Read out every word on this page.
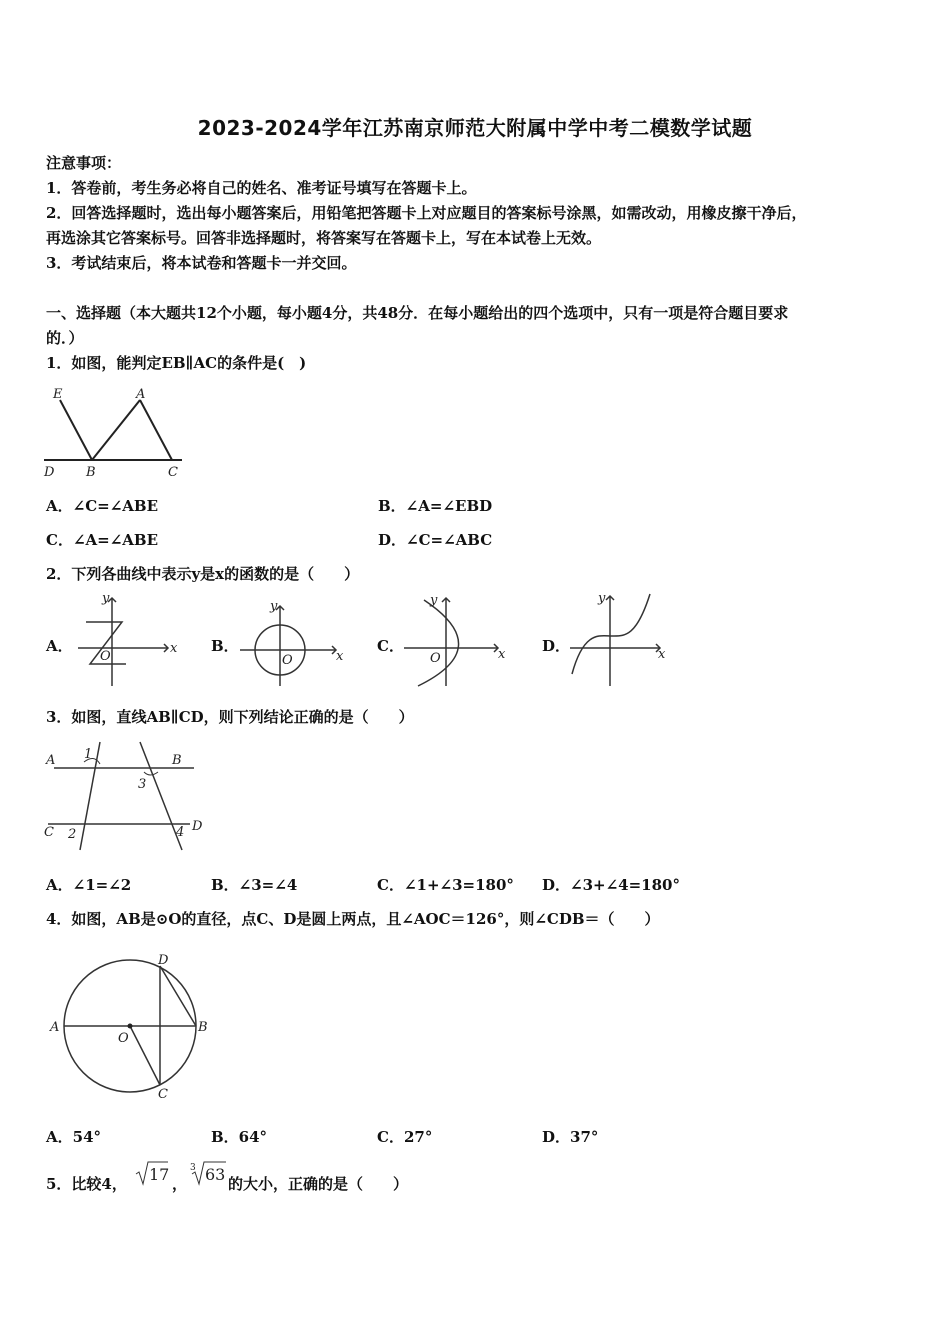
2023-2024学年江苏南京师范大附属中学中考二模数学试题
注意事项：
1．答卷前，考生务必将自己的姓名、准考证号填写在答题卡上。
2．回答选择题时，选出每小题答案后，用铅笔把答题卡上对应题目的答案标号涂黑，如需改动，用橡皮擦干净后，
再选涂其它答案标号。回答非选择题时，将答案写在答题卡上，写在本试卷上无效。
3．考试结束后，将本试卷和答题卡一并交回。
一、选择题（本大题共12个小题，每小题4分，共48分．在每小题给出的四个选项中，只有一项是符合题目要求
的．）
1．如图，能判定EB∥AC的条件是(　)
E	A
D B	C
A．∠C=∠ABE	B．∠A=∠EBD
C．∠A=∠ABE	D．∠C=∠ABC
2．下列各曲线中表示y是x的函数的是（　　）
A．
y
x
O
B．
y
x
O
C．
y
x
O
D．
y
x
3．如图，直线AB∥CD，则下列结论正确的是（　　）
A	B
C	D
1
2
3
4
A．∠1=∠2	B．∠3=∠4	C．∠1+∠3=180° D．∠3+∠4=180°
4．如图，AB是⊙O的直径，点C、D是圆上两点，且∠AOC＝126°，则∠CDB＝（　　）
A	B
C
D
O
A．54°	B．64°	C．27°	D．37°
5．比较4， 17 ，
3 63 的大小，正确的是（　　）
